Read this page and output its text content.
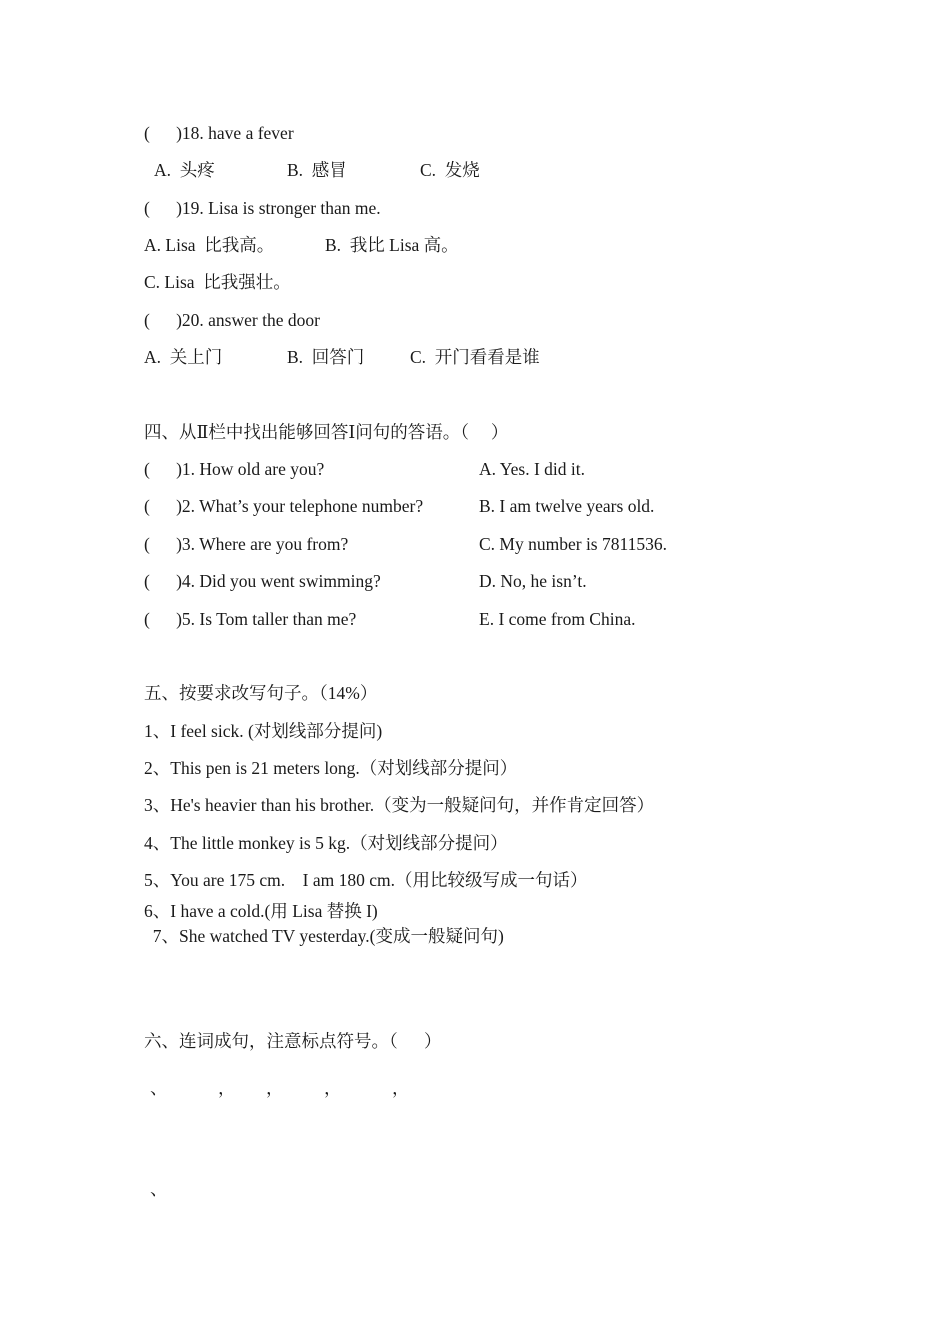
(      )18. have a fever
A.  头疼	B.  感冒	C.  发烧
(      )19. Lisa is stronger than me.
A. Lisa  比我高。	B.  我比 Lisa 高。
C. Lisa  比我强壮。
(      )20. answer the door
A.  关上门	B.  回答门	C.  开门看看是谁
四、从Ⅱ栏中找出能够回答Ⅰ问句的答语。（     ）
(      )1. How old are you?	A. Yes. I did it.
(      )2. What’s your telephone number?	B. I am twelve years old.
(      )3. Where are you from?	C. My number is 7811536.
(      )4. Did you went swimming?	D. No, he isn’t.
(      )5. Is Tom taller than me?	E. I come from China.
五、按要求改写句子。（14%）
1、I feel sick. (对划线部分提问)
2、This pen is 21 meters long.（对划线部分提问）
3、He's heavier than his brother.（变为一般疑问句，并作肯定回答）
4、The little monkey is 5 kg.（对划线部分提问）
5、You are 175 cm.    I am 180 cm.（用比较级写成一句话）
6、I have a cold.(用 Lisa 替换 I)
7、She watched TV yesterday.(变成一般疑问句)
六、连词成句，注意标点符号。（      ）
、	， ， ，	，
、
